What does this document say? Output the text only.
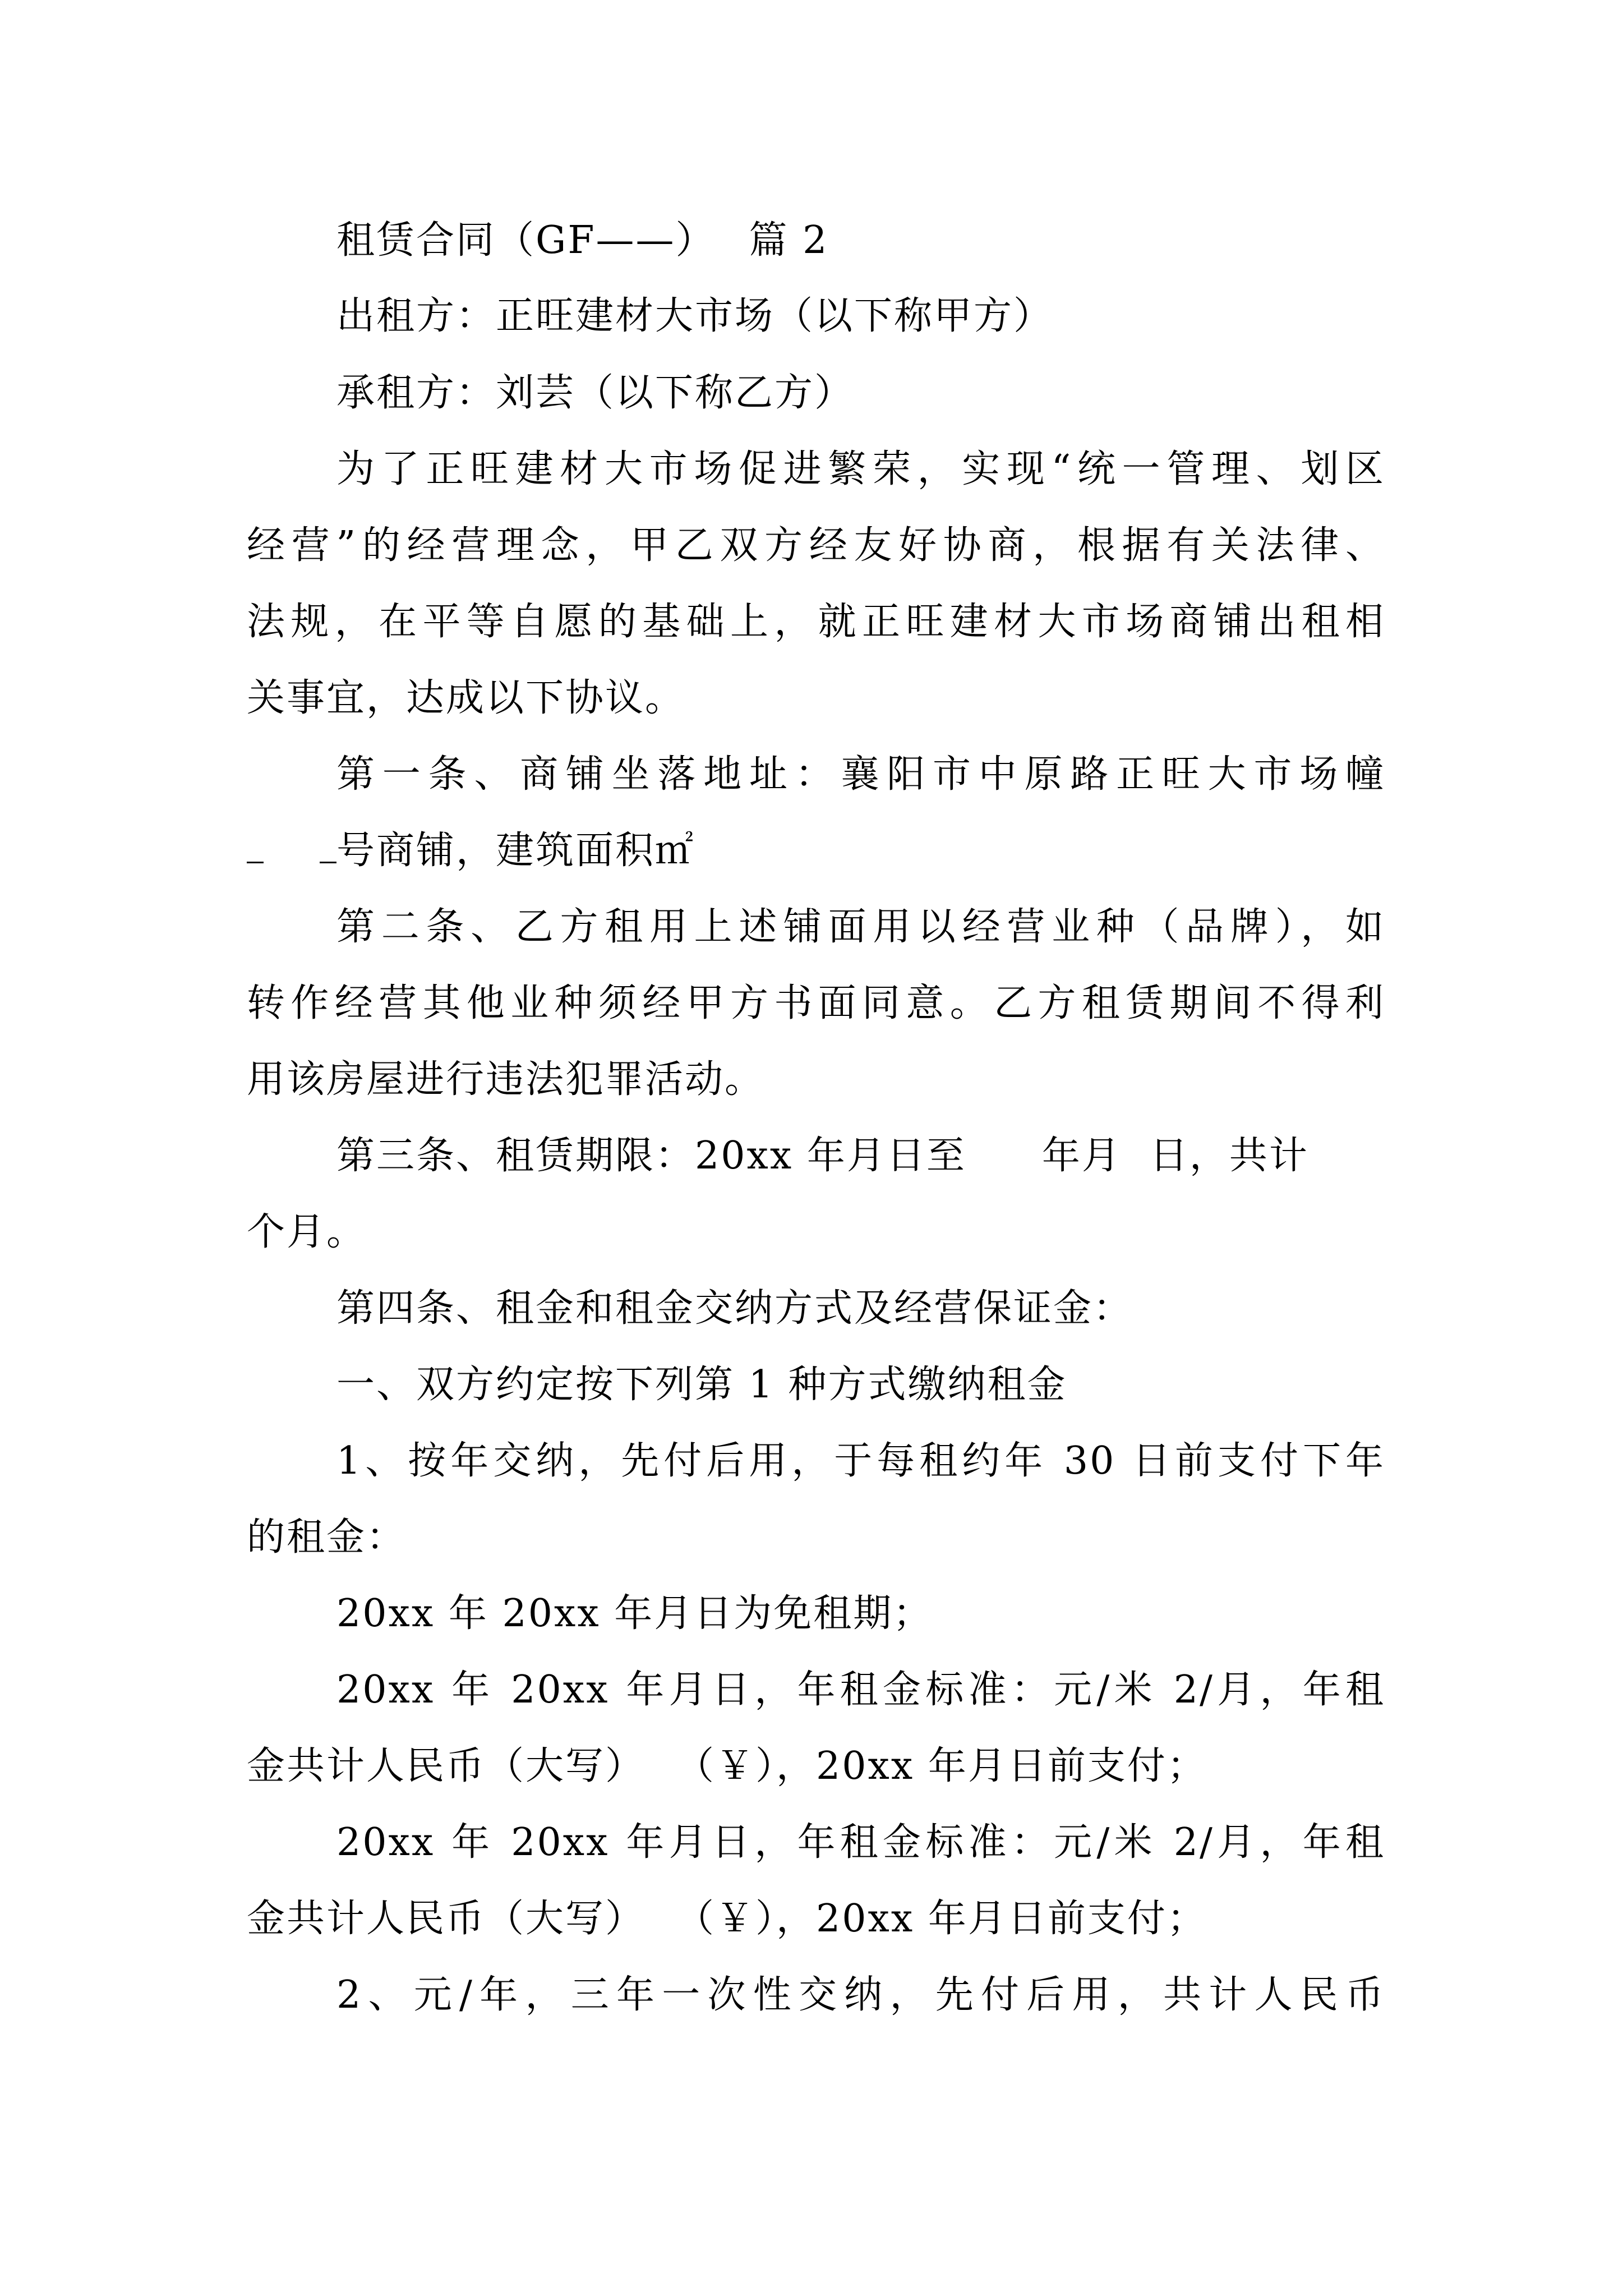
租赁合同（GF——） 篇 2
出租方：正旺建材大市场（以下称甲方）
承租方：刘芸（以下称乙方）
为了正旺建材大市场促进繁荣，实现“统一管理、划区
经营”的经营理念，甲乙双方经友好协商，根据有关法律、
法规，在平等自愿的基础上，就正旺建材大市场商铺出租相
关事宜，达成以下协议。
第一条、商铺坐落地址：襄阳市中原路正旺大市场幢
号商铺，建筑面积㎡
第二条、乙方租用上述铺面用以经营业种（品牌），如
转作经营其他业种须经甲方书面同意。乙方租赁期间不得利
用该房屋进行违法犯罪活动。
第三条、租赁期限：20xx 年月日至 年月 日，共计
个月。
第四条、租金和租金交纳方式及经营保证金：
一、双方约定按下列第 1 种方式缴纳租金
1、按年交纳，先付后用，于每租约年 30 日前支付下年
的租金：
20xx 年 20xx 年月日为免租期；
20xx 年 20xx 年月日，年租金标准：元/米 2/月，年租
金共计人民币（大写） （￥），20xx 年月日前支付；
20xx 年 20xx 年月日，年租金标准：元/米 2/月，年租
金共计人民币（大写） （￥），20xx 年月日前支付；
2、元/年，三年一次性交纳，先付后用，共计人民币
